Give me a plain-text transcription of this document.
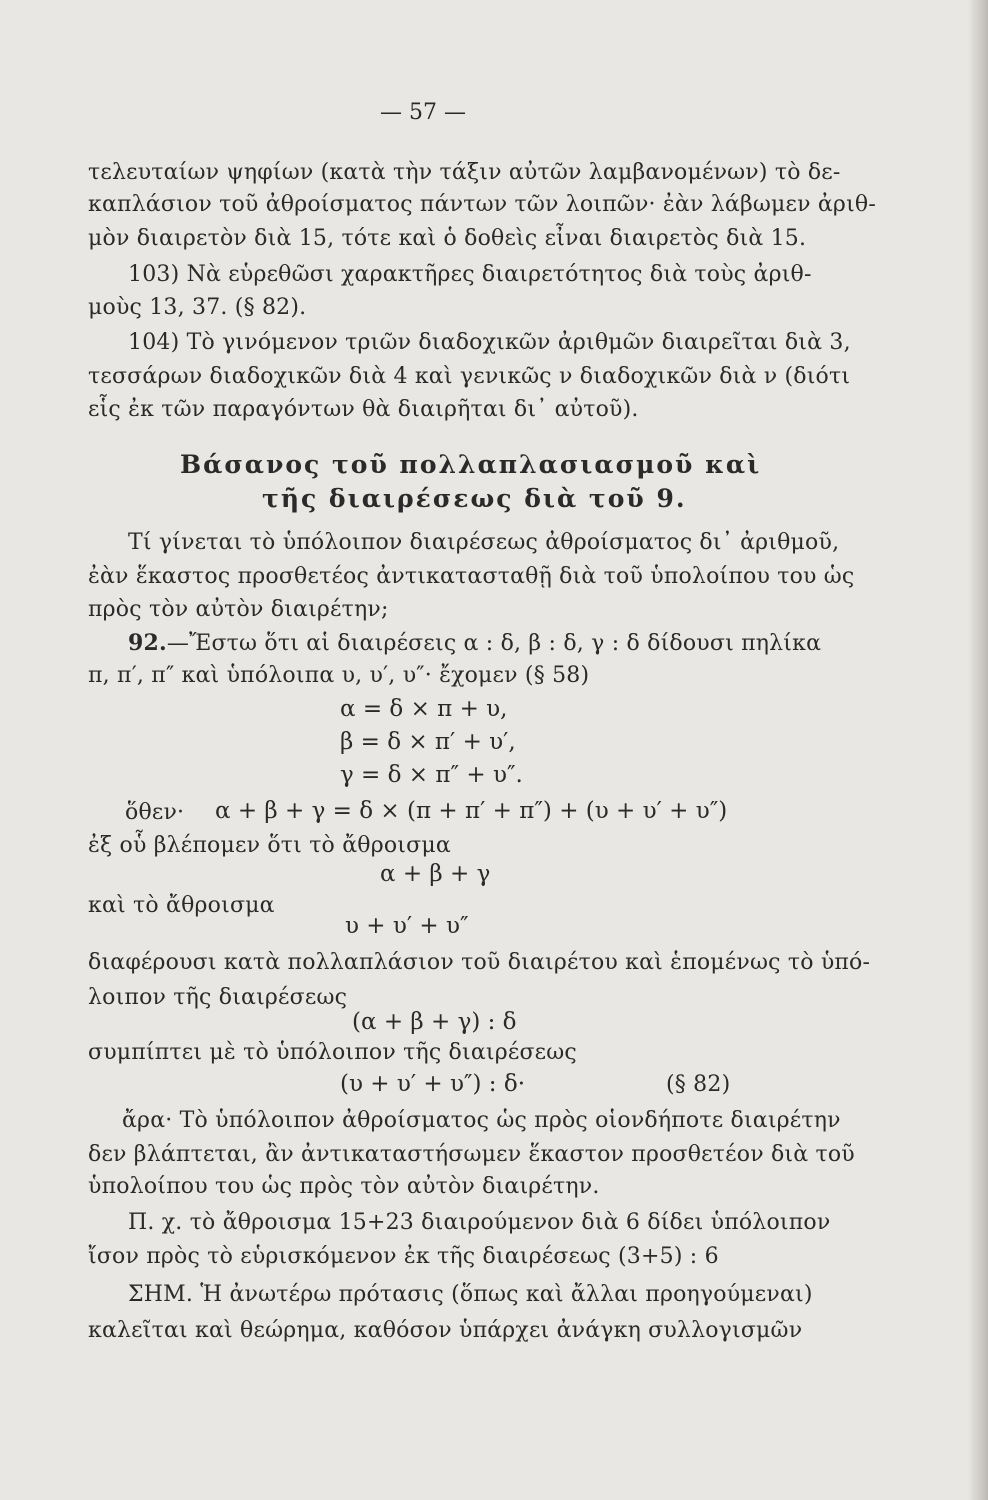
— 57 —
τελευταίων ψηφίων (κατὰ τὴν τάξιν αὐτῶν λαμβανομένων) τὸ δε-
καπλάσιον τοῦ ἀθροίσματος πάντων τῶν λοιπῶν· ἐὰν λάβωμεν ἀριθ-
μὸν διαιρετὸν διὰ 15, τότε καὶ ὁ δοθεὶς εἶναι διαιρετὸς διὰ 15.
103) Νὰ εὑρεθῶσι χαρακτῆρες διαιρετότητος διὰ τοὺς ἀριθ-
μοὺς 13, 37. (§ 82).
104) Τὸ γινόμενον τριῶν διαδοχικῶν ἀριθμῶν διαιρεῖται διὰ 3,
τεσσάρων διαδοχικῶν διὰ 4 καὶ γενικῶς ν διαδοχικῶν διὰ ν (διότι
εἷς ἐκ τῶν παραγόντων θὰ διαιρῆται δι᾽ αὐτοῦ).
Βάσανος τοῦ πολλαπλασιασμοῦ καὶ
τῆς διαιρέσεως διὰ τοῦ 9.
Τί γίνεται τὸ ὑπόλοιπον διαιρέσεως ἀθροίσματος δι᾽ ἀριθμοῦ,
ἐὰν ἕκαστος προσθετέος ἀντικατασταθῇ διὰ τοῦ ὑπολοίπου του ὡς
πρὸς τὸν αὐτὸν διαιρέτην;
92.—Ἔστω ὅτι αἱ διαιρέσεις α : δ, β : δ, γ : δ δίδουσι πηλίκα
π, π′, π″ καὶ ὑπόλοιπα υ, υ′, υ″· ἔχομεν (§ 58)
α = δ × π + υ,
β = δ × π′ + υ′,
γ = δ × π″ + υ″.
ὅθεν· α + β + γ = δ × (π + π′ + π″) + (υ + υ′ + υ″)
ἐξ οὗ βλέπομεν ὅτι τὸ ἄθροισμα
α + β + γ
καὶ τὸ ἄθροισμα
υ + υ′ + υ″
διαφέρουσι κατὰ πολλαπλάσιον τοῦ διαιρέτου καὶ ἑπομένως τὸ ὑπό-
λοιπον τῆς διαιρέσεως
(α + β + γ) : δ
συμπίπτει μὲ τὸ ὑπόλοιπον τῆς διαιρέσεως
(υ + υ′ + υ″) : δ·	(§ 82)
ἄρα· Τὸ ὑπόλοιπον ἀθροίσματος ὡς πρὸς οἱονδήποτε διαιρέτην
δεν βλάπτεται, ἂν ἀντικαταστήσωμεν ἕκαστον προσθετέον διὰ τοῦ
ὑπολοίπου του ὡς πρὸς τὸν αὐτὸν διαιρέτην.
Π. χ. τὸ ἄθροισμα 15+23 διαιρούμενον διὰ 6 δίδει ὑπόλοιπον
ἴσον πρὸς τὸ εὑρισκόμενον ἐκ τῆς διαιρέσεως (3+5) : 6
ΣΗΜ. Ἡ ἀνωτέρω πρότασις (ὅπως καὶ ἄλλαι προηγούμεναι)
καλεῖται καὶ θεώρημα, καθόσον ὑπάρχει ἀνάγκη συλλογισμῶν
